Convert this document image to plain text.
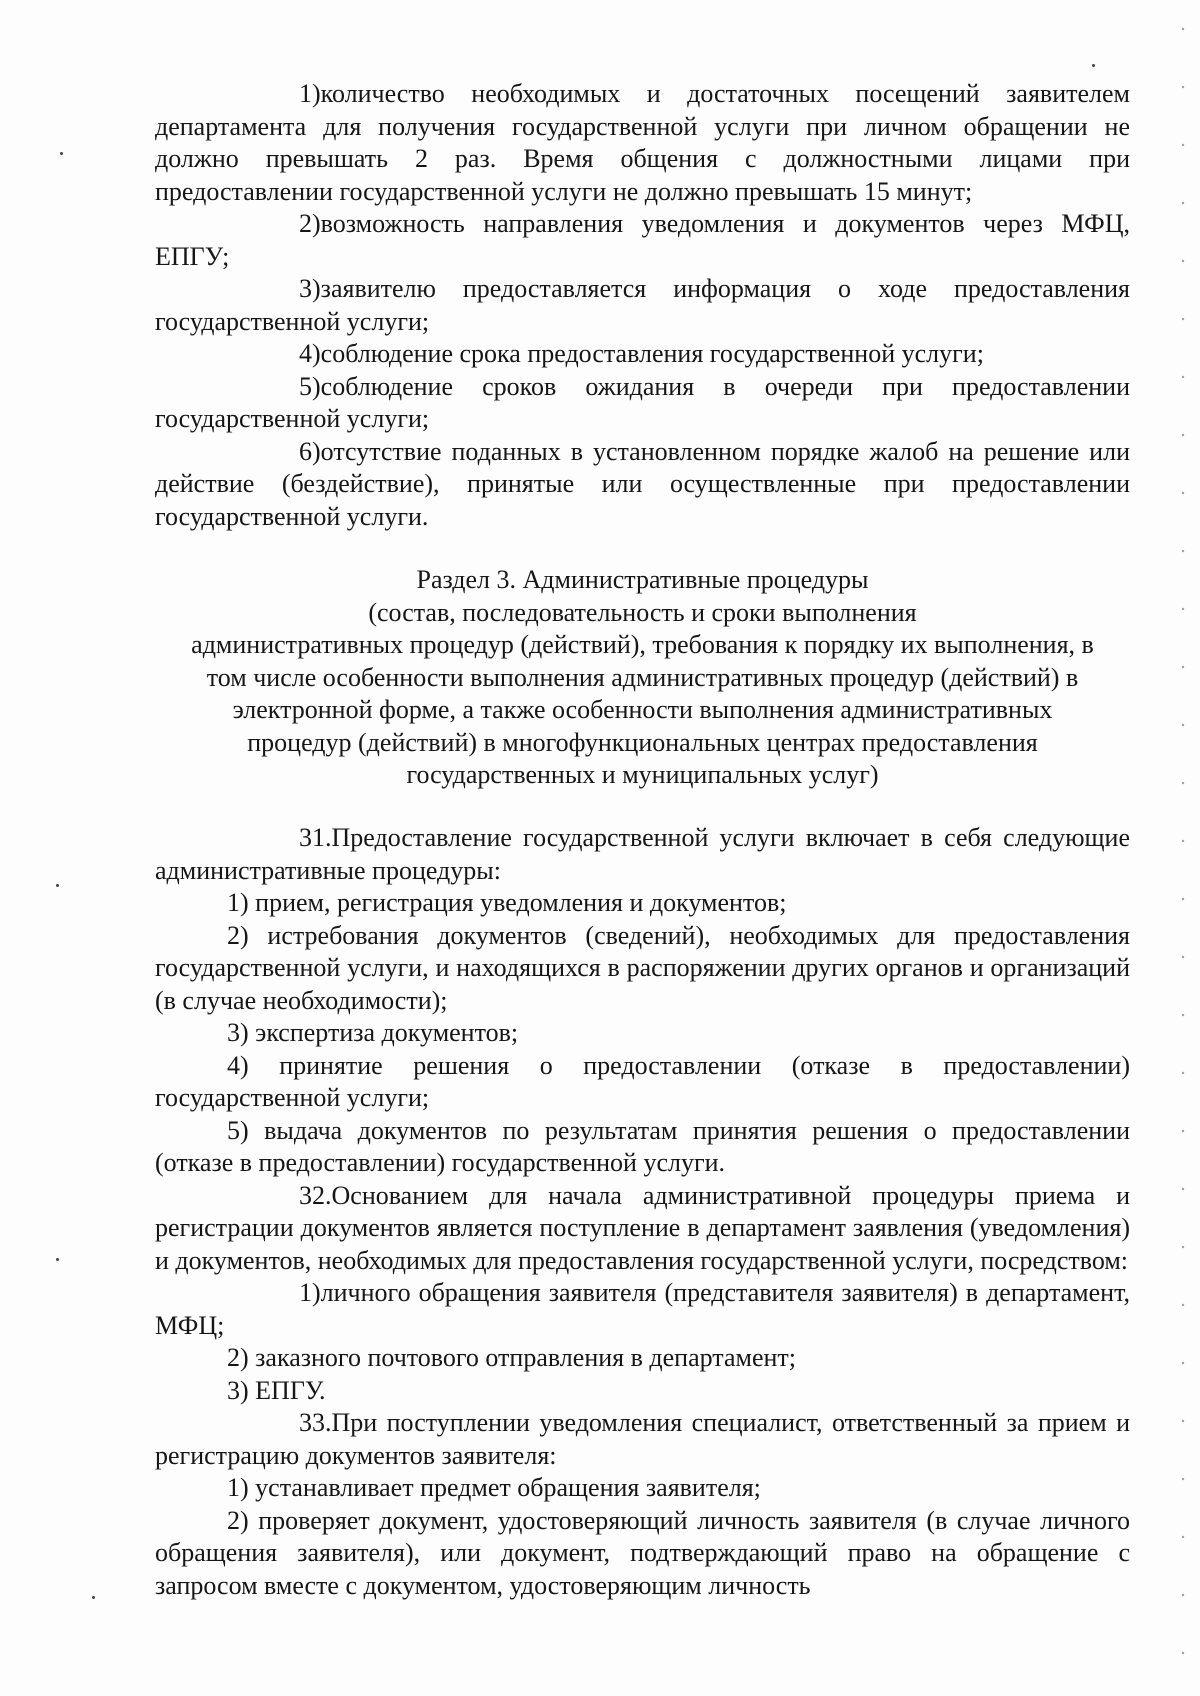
1)количество необходимых и достаточных посещений заявителем департамента для получения государственной услуги при личном обращении не должно превышать 2 раз. Время общения с должностными лицами при предоставлении государственной услуги не должно превышать 15 минут;

2)возможность направления уведомления и документов через МФЦ, ЕПГУ;

3)заявителю предоставляется информация о ходе предоставления государственной услуги;

4)соблюдение срока предоставления государственной услуги;

5)соблюдение сроков ожидания в очереди при предоставлении государственной услуги;

6)отсутствие поданных в установленном порядке жалоб на решение или действие (бездействие), принятые или осуществленные при предоставлении государственной услуги.

Раздел 3. Административные процедуры
(состав, последовательность и сроки выполнения
административных процедур (действий), требования к порядку их выполнения, в
том числе особенности выполнения административных процедур (действий) в
электронной форме, а также особенности выполнения административных
процедур (действий) в многофункциональных центрах предоставления
государственных и муниципальных услуг)

31.Предоставление государственной услуги включает в себя следующие административные процедуры:

1) прием, регистрация уведомления и документов;

2) истребования документов (сведений), необходимых для предоставления государственной услуги, и находящихся в распоряжении других органов и организаций (в случае необходимости);

3) экспертиза документов;

4) принятие решения о предоставлении (отказе в предоставлении) государственной услуги;

5) выдача документов по результатам принятия решения о предоставлении (отказе в предоставлении) государственной услуги.

32.Основанием для начала административной процедуры приема и регистрации документов является поступление в департамент заявления (уведомления) и документов, необходимых для предоставления государственной услуги, посредством:

1)личного обращения заявителя (представителя заявителя) в департамент, МФЦ;

2) заказного почтового отправления в департамент;

3) ЕПГУ.

33.При поступлении уведомления специалист, ответственный за прием и регистрацию документов заявителя:

1) устанавливает предмет обращения заявителя;

2) проверяет документ, удостоверяющий личность заявителя (в случае личного обращения заявителя), или документ, подтверждающий право на обращение с запросом вместе с документом, удостоверяющим личность
